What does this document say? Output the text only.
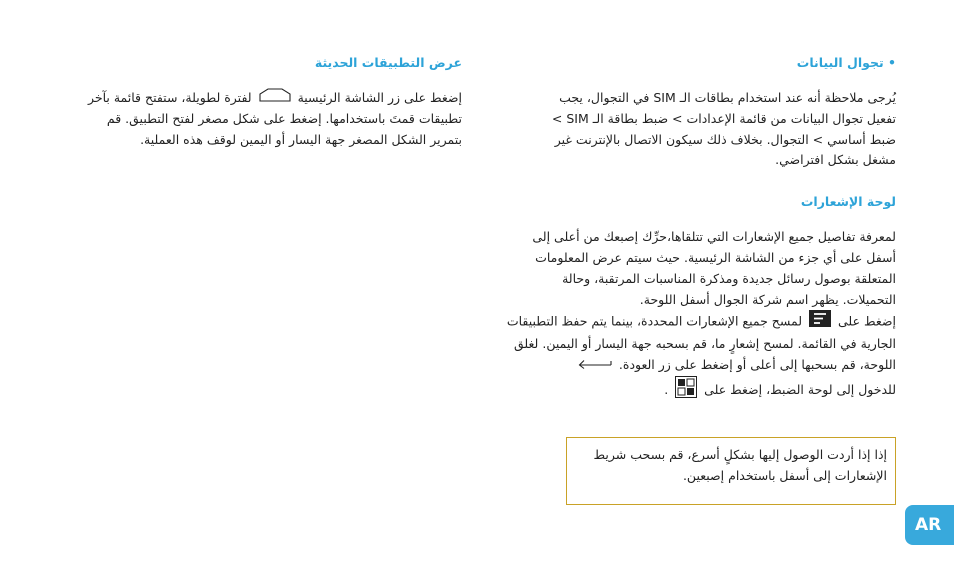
• تجوال البيانات

يُرجى ملاحظة أنه عند استخدام بطاقات الـ SIM في التجوال، يجب
تفعيل تجوال البيانات من قائمة الإعدادات > ضبط بطاقة الـ SIM >
ضبط أساسي > التجوال. بخلاف ذلك سيكون الاتصال بالإنترنت غير
مشغل بشكل افتراضي.

لوحة الإشعارات

لمعرفة تفاصيل جميع الإشعارات التي تتلقاها،حرِّك إصبعك من أعلى إلى
أسفل على أي جزء من الشاشة الرئيسية. حيث سيتم عرض المعلومات
المتعلقة بوصول رسائل جديدة ومذكرة المناسبات المرتقبة، وحالة
التحميلات. يظهر اسم شركة الجوال أسفل اللوحة.
إضغط على  لمسح جميع الإشعارات المحددة، بينما يتم حفظ التطبيقات
الجارية في القائمة. لمسح إشعارٍ ما، قم بسحبه جهة اليسار أو اليمين. لغلق
اللوحة، قم بسحبها إلى أعلى أو إضغط على زر العودة.
للدخول إلى لوحة الضبط، إضغط على  .

عرض التطبيقات الحديثة

إضغط على زر الشاشة الرئيسية  لفترة لطويلة، ستفتح قائمة بآخر
تطبيقات قمتَ باستخدامها. إضغط على شكل مصغر لفتح التطبيق. قم
بتمرير الشكل المصغر جهة اليسار أو اليمين لوقف هذه العملية.

إذا إذا أردت الوصول إليها بشكلٍ أسرع، قم بسحب شريط
الإشعارات إلى أسفل باستخدام إصبعين.
AR
